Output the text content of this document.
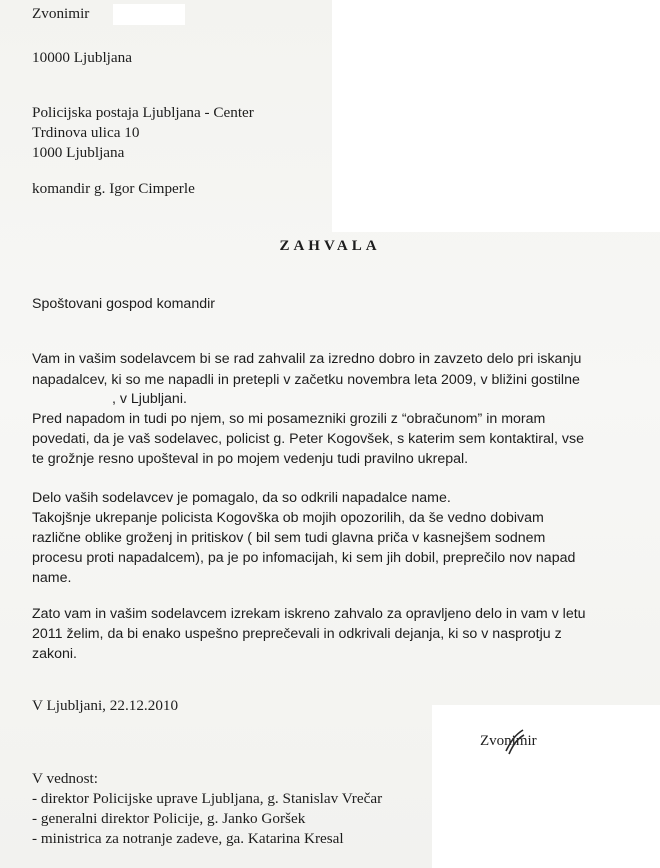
Zvonimir
10000 Ljubljana
Policijska postaja Ljubljana - Center
Trdinova ulica 10
1000 Ljubljana
komandir g. Igor Cimperle
ZAHVALA
Spoštovani gospod komandir
Vam in vašim sodelavcem bi se rad zahvalil za izredno dobro in zavzeto delo pri iskanju
napadalcev, ki so me napadli in pretepli v začetku novembra leta 2009, v bližini gostilne
, v Ljubljani.
Pred napadom in tudi po njem, so mi posamezniki grozili z “obračunom” in moram
povedati, da je vaš sodelavec, policist g. Peter Kogovšek, s katerim sem kontaktiral, vse
te grožnje resno upošteval in po mojem vedenju tudi pravilno ukrepal.
Delo vaših sodelavcev je pomagalo, da so odkrili napadalce name.
Takojšnje ukrepanje policista Kogovška ob mojih opozorilih, da še vedno dobivam
različne oblike groženj in pritiskov ( bil sem tudi glavna priča v kasnejšem sodnem
procesu proti napadalcem), pa je po infomacijah, ki sem jih dobil, preprečilo nov napad
name.
Zato vam in vašim sodelavcem izrekam iskreno zahvalo za opravljeno delo in vam v letu
2011 želim, da bi enako uspešno preprečevali in odkrivali dejanja, ki so v nasprotju z
zakoni.
V Ljubljani, 22.12.2010
Zvonimir
V vednost:
- direktor Policijske uprave Ljubljana, g. Stanislav Vrečar
- generalni direktor Policije, g. Janko Goršek
- ministrica za notranje zadeve, ga. Katarina Kresal
